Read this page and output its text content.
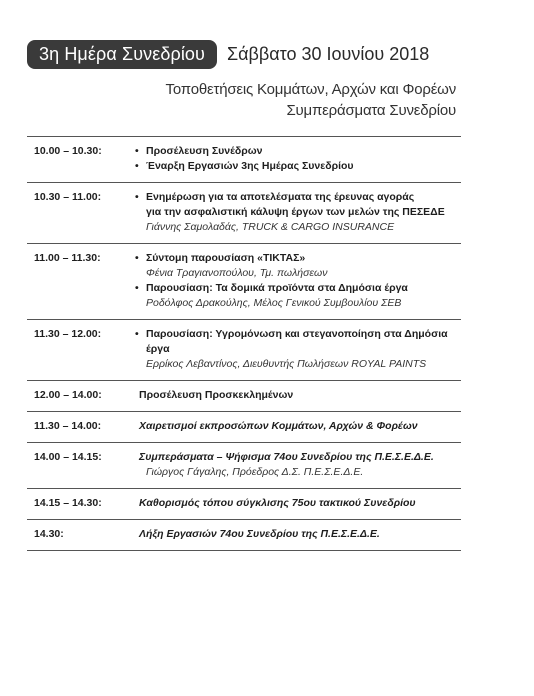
3η Ημέρα Συνεδρίου	Σάββατο 30 Ιουνίου 2018
Τοποθετήσεις Κομμάτων, Αρχών και Φορέων
Συμπεράσματα Συνεδρίου
10.00 – 10.30:	• Προσέλευση Συνέδρων
• Έναρξη Εργασιών 3ης Ημέρας Συνεδρίου
10.30 – 11.00:	• Ενημέρωση για τα αποτελέσματα της έρευνας αγοράς
για την ασφαλιστική κάλυψη έργων των μελών της ΠΕΣΕΔΕ
Γιάννης Σαμολαδάς, TRUCK & CARGO INSURANCE
11.00 – 11.30:	• Σύντομη παρουσίαση «ΤΙΚΤΑΣ»
Φένια Τραγιανοπούλου, Τμ. πωλήσεων
• Παρουσίαση: Τα δομικά προϊόντα στα Δημόσια έργα
Ροδόλφος Δρακούλης, Μέλος Γενικού Συμβουλίου ΣΕΒ
11.30 – 12.00:	• Παρουσίαση: Υγρομόνωση και στεγανοποίηση στα Δημόσια έργα
Ερρίκος Λεβαντίνος, Διευθυντής Πωλήσεων ROYAL PAINTS
12.00 – 14.00:	Προσέλευση Προσκεκλημένων
11.30 – 14.00:	Χαιρετισμοί εκπροσώπων Κομμάτων, Αρχών & Φορέων
14.00 – 14.15:	Συμπεράσματα – Ψήφισμα 74ου Συνεδρίου της Π.Ε.Σ.Ε.Δ.Ε.
Γιώργος Γάγαλης, Πρόεδρος Δ.Σ. Π.Ε.Σ.Ε.Δ.Ε.
14.15 – 14.30:	Καθορισμός τόπου σύγκλισης 75ου τακτικού Συνεδρίου
14.30:	Λήξη Εργασιών 74ου Συνεδρίου της Π.Ε.Σ.Ε.Δ.Ε.
